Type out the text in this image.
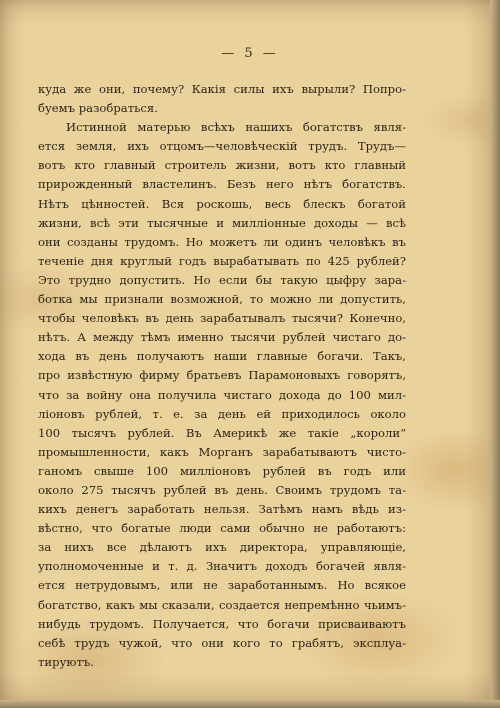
— 5 —
куда же они, почему? Какія силы ихъ вырыли? Попро-
буемъ разобраться.
Истинной матерью всѣхъ нашихъ богатствъ явля-
ется земля, ихъ отцомъ—человѣческій трудъ. Трудъ—
вотъ кто главный строитель жизни, вотъ кто главный
прирожденный властелинъ. Безъ него нѣтъ богатствъ.
Нѣтъ цѣнностей. Вся роскошь, весь блескъ богатой
жизни, всѣ эти тысячные и милліонные доходы — всѣ
они созданы трудомъ. Но можетъ ли одинъ человѣкъ въ
теченіе дня круглый годъ вырабатывать по 425 рублей?
Это трудно допустить. Но если бы такую цыфру зара-
ботка мы признали возможной, то можно ли допустить,
чтобы человѣкъ въ день зарабатывалъ тысячи? Конечно,
нѣтъ. А между тѣмъ именно тысячи рублей чистаго до-
хода въ день получаютъ наши главные богачи. Такъ,
про извѣстную фирму братьевъ Парамоновыхъ говорятъ,
что за войну она получила чистаго дохода до 100 мил-
ліоновъ рублей, т. е. за день ей приходилось около
100 тысячъ рублей. Въ Америкѣ же такіе „короли“
промышленности, какъ Морганъ зарабатываютъ чисто-
ганомъ свыше 100 милліоновъ рублей въ годъ или
около 275 тысячъ рублей въ день. Своимъ трудомъ та-
кихъ денегъ заработать нельзя. Затѣмъ намъ вѣдь из-
вѣстно, что богатые люди сами обычно не работаютъ:
за нихъ все дѣлаютъ ихъ директора, управляющіе,
уполномоченные и т. д. Значитъ доходъ богачей явля-
ется нетрудовымъ, или не заработаннымъ. Но всякое
богатство, какъ мы сказали, создается непремѣнно чьимъ-
нибудь трудомъ. Получается, что богачи присваиваютъ
себѣ трудъ чужой, что они кого то грабятъ, эксплуа-
тируютъ.
